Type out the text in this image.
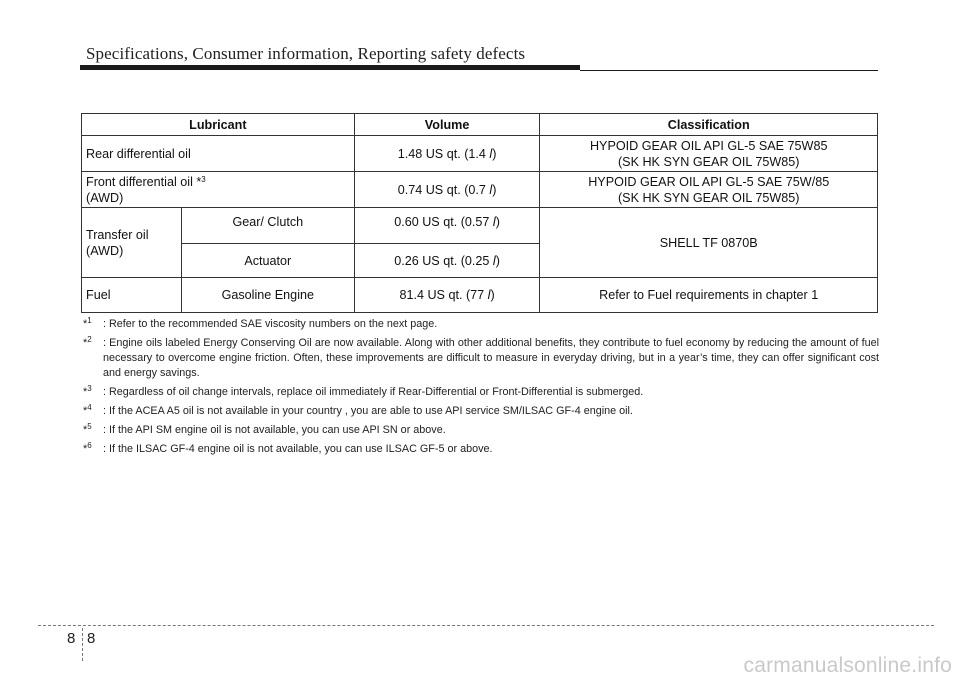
Specifications, Consumer information, Reporting safety defects
Lubricant		Volume	Classification
Rear differential oil		1.48 US qt. (1.4 l)	HYPOID GEAR OIL API GL-5 SAE 75W85
(SK HK SYN GEAR OIL 75W85)
Front differential oil *$^3$
(AWD)		0.74 US qt. (0.7 l)	HYPOID GEAR OIL API GL-5 SAE 75W/85
(SK HK SYN GEAR OIL 75W85)
Transfer oil
(AWD)	Gear/ Clutch	0.60 US qt. (0.57 l)	SHELL TF 0870B
	Actuator	0.26 US qt. (0.25 l)	
Fuel	Gasoline Engine	81.4 US qt. (77 l)	Refer to Fuel requirements in chapter 1
*$^1$ : Refer to the recommended SAE viscosity numbers on the next page.
*$^2$ : Engine oils labeled Energy Conserving Oil are now available. Along with other additional benefits, they contribute to fuel economy by reducing the amount of fuel necessary to overcome engine friction. Often, these improvements are difficult to measure in everyday driving, but in a year’s time, they can offer significant cost and energy savings.
*$^3$ : Regardless of oil change intervals, replace oil immediately if Rear-Differential or Front-Differential is submerged.
*$^4$ : If the ACEA A5 oil is not available in your country , you are able to use API service SM/ILSAC GF-4 engine oil.
*$^5$ : If the API SM engine oil is not available, you can use API SN or above.
*$^6$ : If the ILSAC GF-4 engine oil is not available, you can use ILSAC GF-5 or above.
8 8
carmanualsonline.info
